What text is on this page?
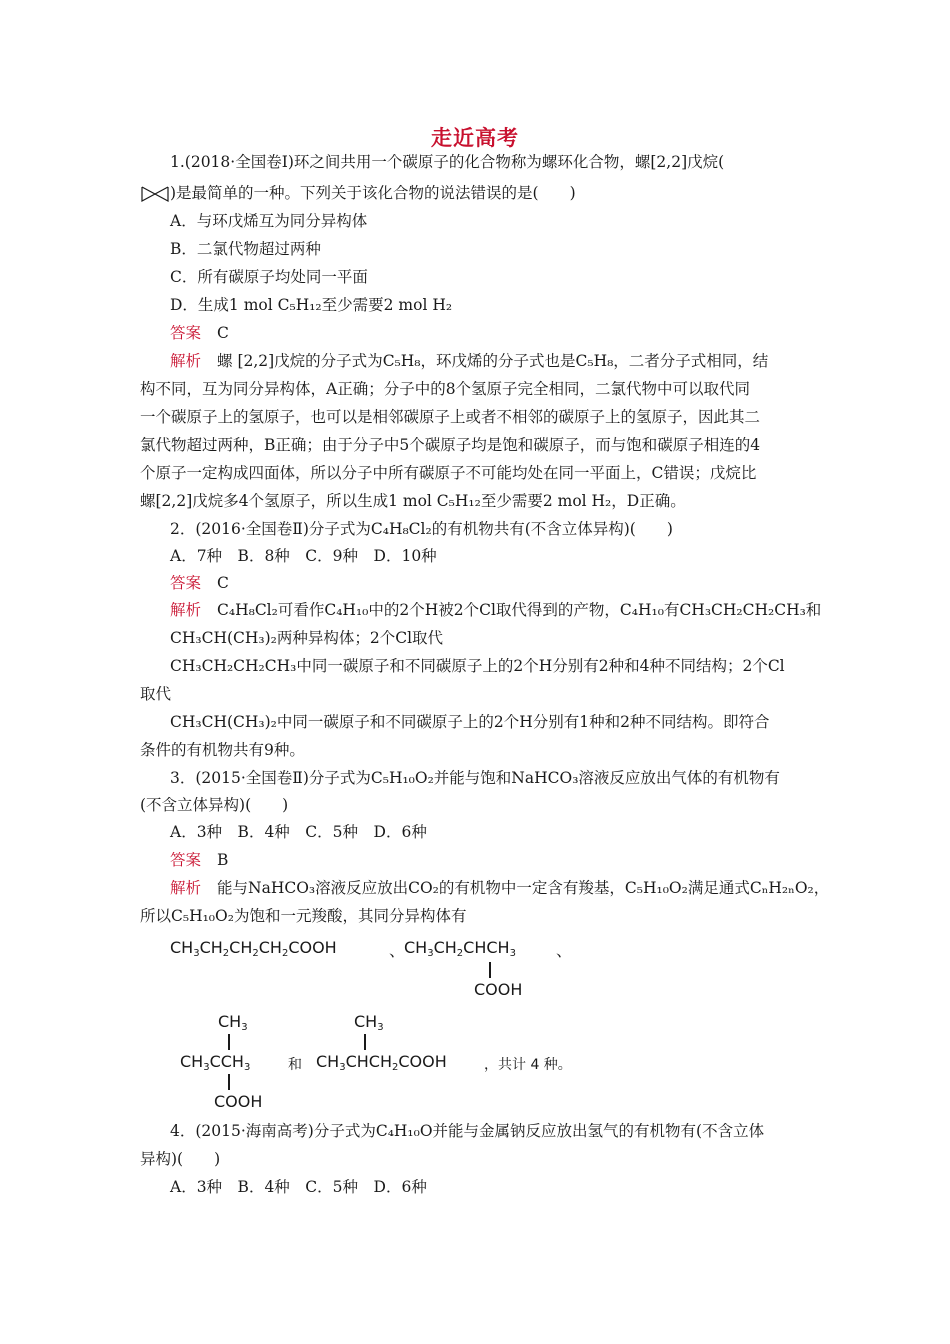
走近高考
1.(2018·全国卷Ⅰ)环之间共用一个碳原子的化合物称为螺环化合物，螺[2,2]戊烷(
)是最简单的一种。下列关于该化合物的说法错误的是(　　)
A．与环戊烯互为同分异构体
B．二氯代物超过两种
C．所有碳原子均处同一平面
D．生成1 mol C₅H₁₂至少需要2 mol H₂
答案 C
解析 螺 [2,2]戊烷的分子式为C₅H₈，环戊烯的分子式也是C₅H₈，二者分子式相同，结
构不同，互为同分异构体，A正确；分子中的8个氢原子完全相同，二氯代物中可以取代同
一个碳原子上的氢原子，也可以是相邻碳原子上或者不相邻的碳原子上的氢原子，因此其二
氯代物超过两种，B正确；由于分子中5个碳原子均是饱和碳原子，而与饱和碳原子相连的4
个原子一定构成四面体，所以分子中所有碳原子不可能均处在同一平面上，C错误；戊烷比
螺[2,2]戊烷多4个氢原子，所以生成1 mol C₅H₁₂至少需要2 mol H₂，D正确。
2．(2016·全国卷Ⅱ)分子式为C₄H₈Cl₂的有机物共有(不含立体异构)(　　)
A．7种　B．8种　C．9种　D．10种
答案 C
解析 C₄H₈Cl₂可看作C₄H₁₀中的2个H被2个Cl取代得到的产物，C₄H₁₀有CH₃CH₂CH₂CH₃和
CH₃CH(CH₃)₂两种异构体；2个Cl取代
CH₃CH₂CH₂CH₃中同一碳原子和不同碳原子上的2个H分别有2种和4种不同结构；2个Cl
取代
CH₃CH(CH₃)₂中同一碳原子和不同碳原子上的2个H分别有1种和2种不同结构。即符合
条件的有机物共有9种。
3．(2015·全国卷Ⅱ)分子式为C₅H₁₀O₂并能与饱和NaHCO₃溶液反应放出气体的有机物有
(不含立体异构)(　　)
A．3种　B．4种　C．5种　D．6种
答案 B
解析 能与NaHCO₃溶液反应放出CO₂的有机物中一定含有羧基，C₅H₁₀O₂满足通式CₙH₂ₙO₂，
所以C₅H₁₀O₂为饱和一元羧酸，其同分异构体有
$CH_3CH_2CH_2CH_2COOH$	、
$CH_3CH_2CHCH_3$
COOH
、
$CH_3$
$CH_3CCH_3$
COOH
和
$CH_3$
$CH_3CHCH_2COOH$	，共计 4 种。
4．(2015·海南高考)分子式为C₄H₁₀O并能与金属钠反应放出氢气的有机物有(不含立体
异构)(　　)
A．3种　B．4种　C．5种　D．6种
